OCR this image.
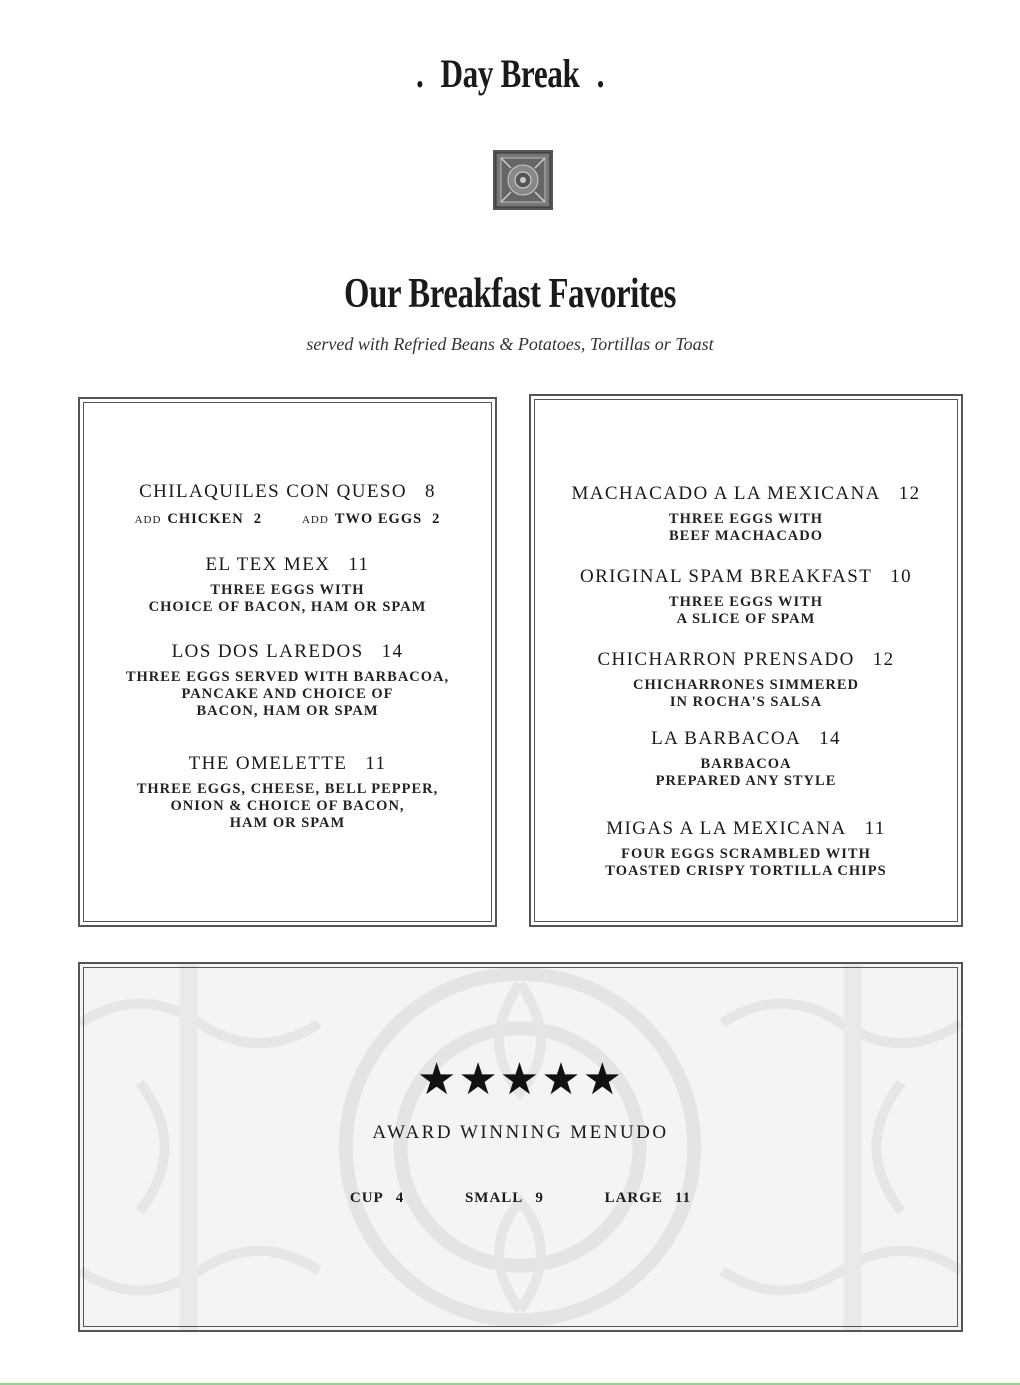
. Day Break .
Our Breakfast Favorites
served with Refried Beans & Potatoes, Tortillas or Toast
CHILAQUILES CON QUESO 8
ADD CHICKEN 2	ADD TWO EGGS 2
EL TEX MEX 11
THREE EGGS WITH
CHOICE OF BACON, HAM OR SPAM
LOS DOS LAREDOS 14
THREE EGGS SERVED WITH BARBACOA,
PANCAKE AND CHOICE OF
BACON, HAM OR SPAM
THE OMELETTE 11
THREE EGGS, CHEESE, BELL PEPPER,
ONION & CHOICE OF BACON,
HAM OR SPAM
MACHACADO A LA MEXICANA 12
THREE EGGS WITH
BEEF MACHACADO
ORIGINAL SPAM BREAKFAST 10
THREE EGGS WITH
A SLICE OF SPAM
CHICHARRON PRENSADO 12
CHICHARRONES SIMMERED
IN ROCHA'S SALSA
LA BARBACOA 14
BARBACOA
PREPARED ANY STYLE
MIGAS A LA MEXICANA 11
FOUR EGGS SCRAMBLED WITH
TOASTED CRISPY TORTILLA CHIPS
★★★★★
AWARD WINNING MENUDO
CUP 4	SMALL 9	LARGE 11
